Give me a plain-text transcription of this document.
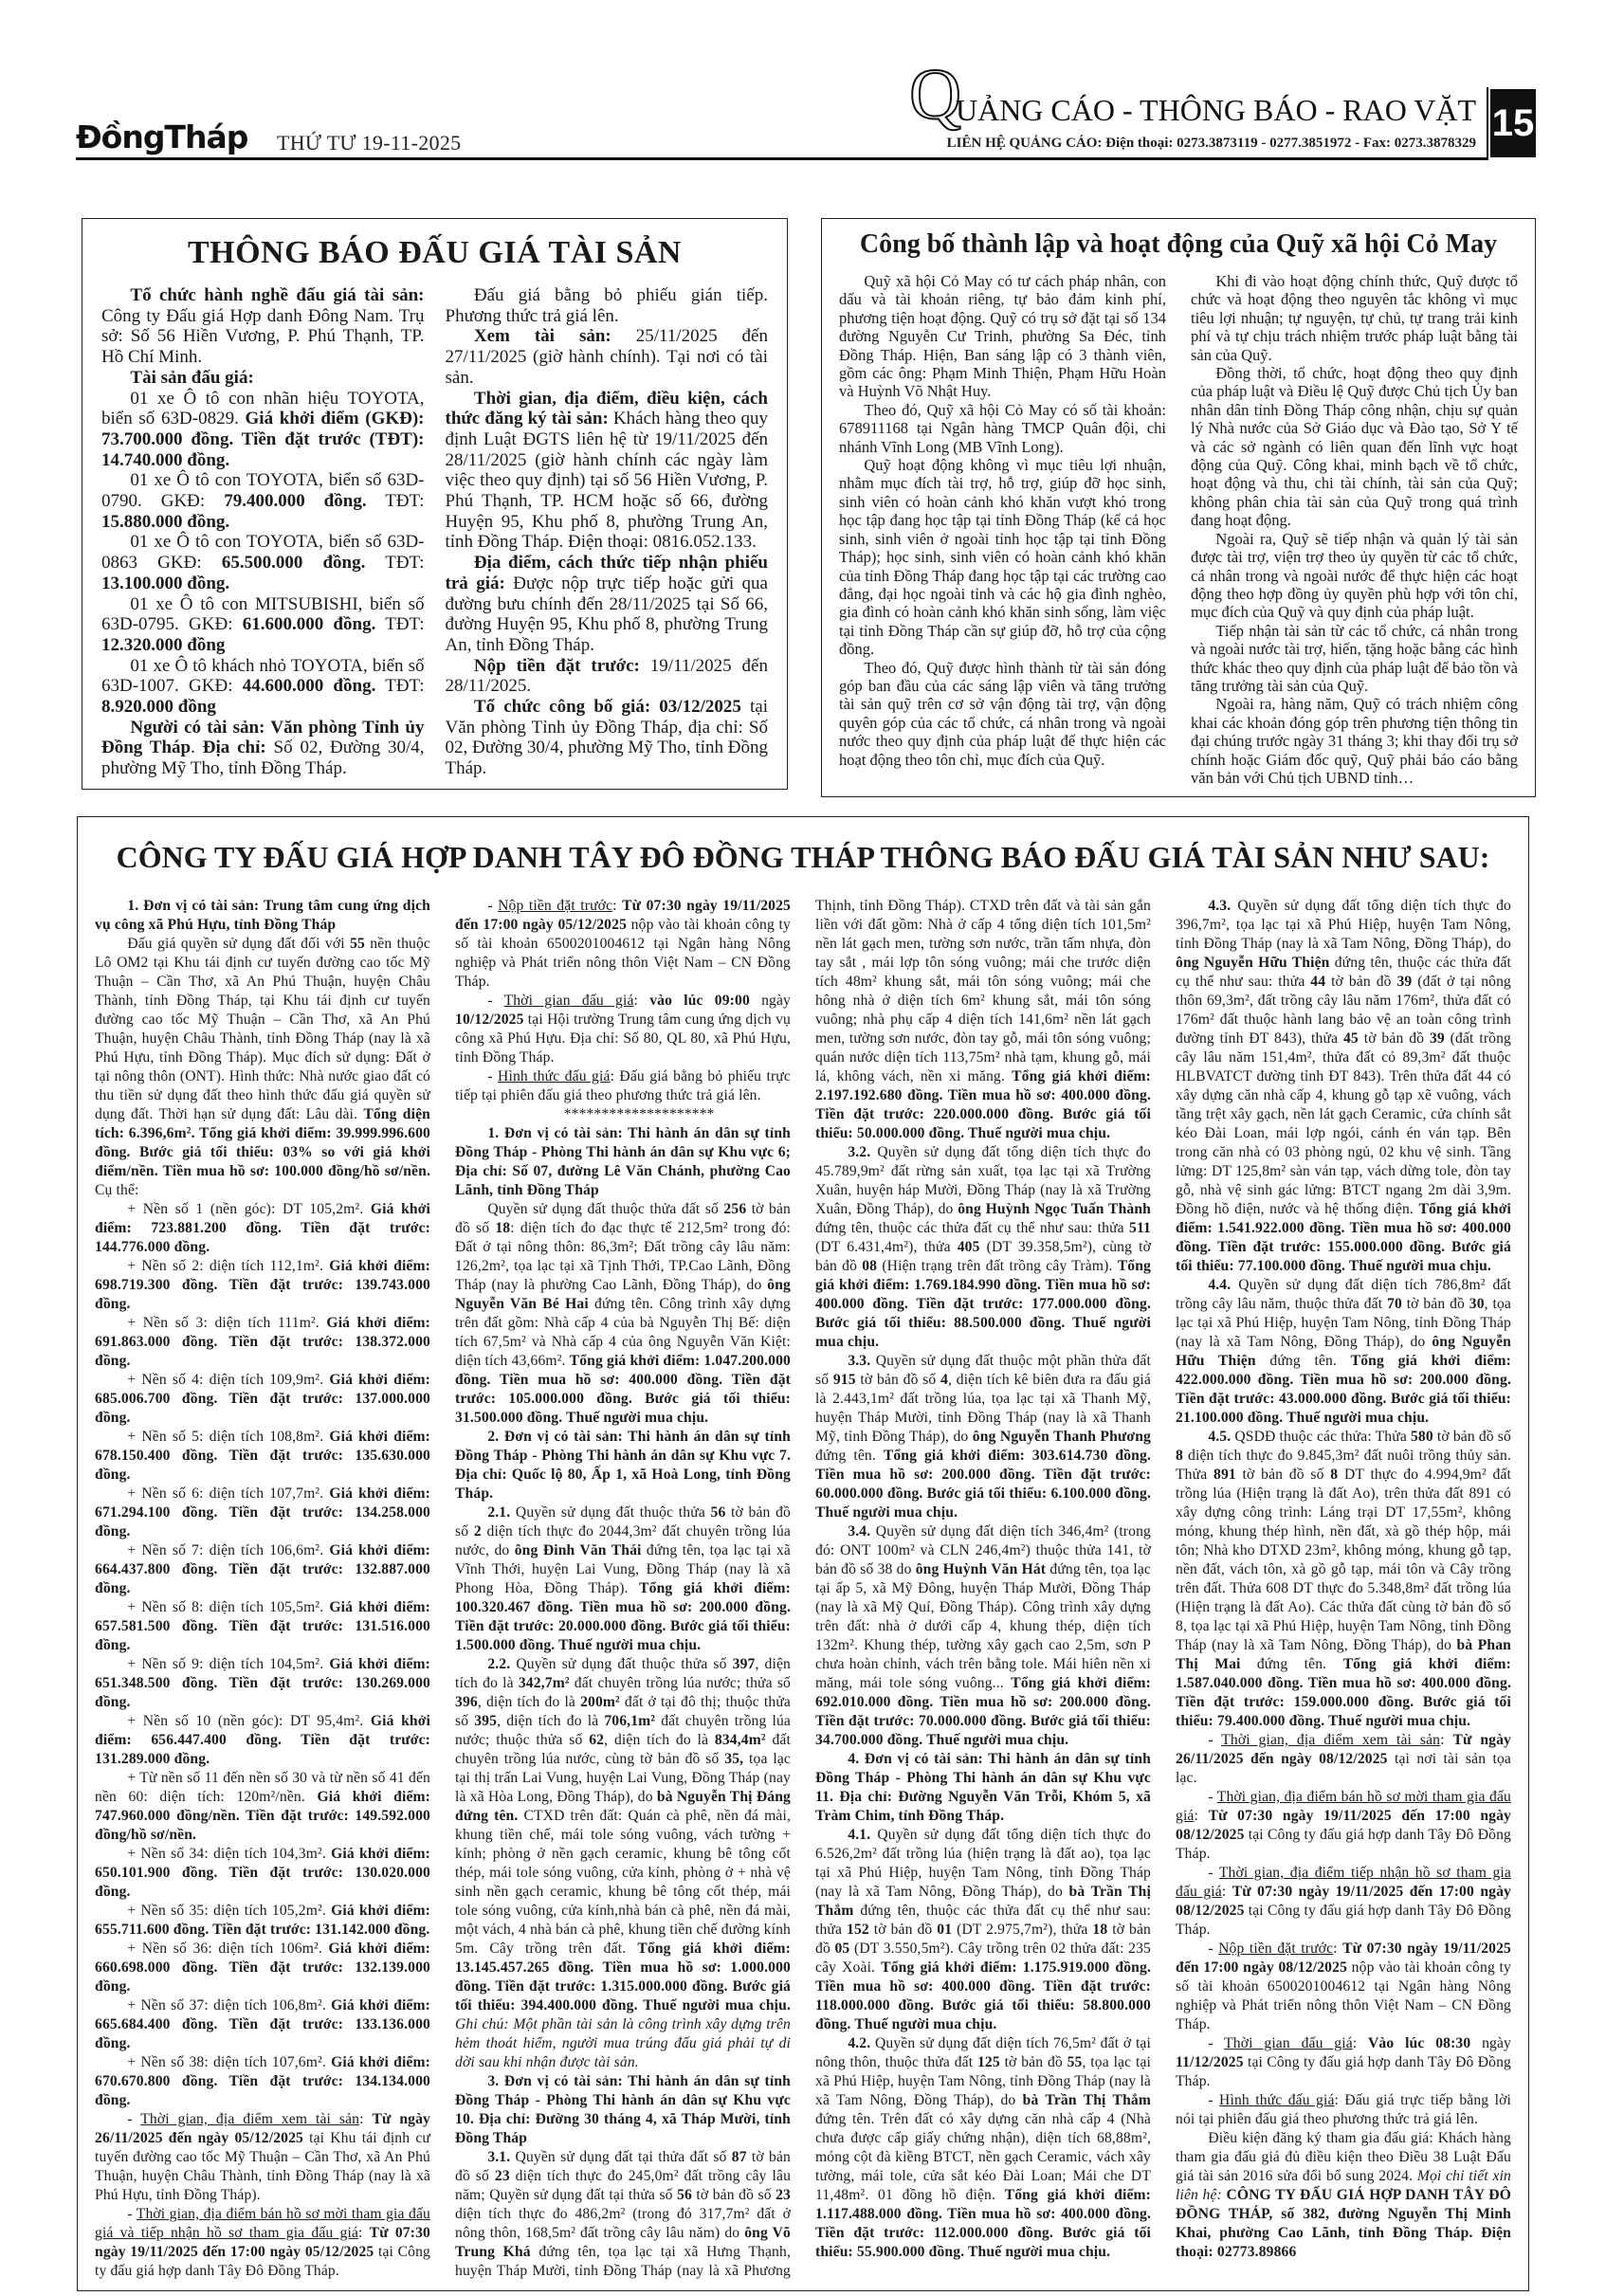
ĐồngTháp THỨ TƯ 19-11-2025
Q
UẢNG CÁO - THÔNG BÁO - RAO VẶT
LIÊN HỆ QUẢNG CÁO: Điện thoại: 0273.3873119 - 0277.3851972 - Fax: 0273.3878329 15
THÔNG BÁO ĐẤU GIÁ TÀI SẢN

Tổ chức hành nghề đấu giá tài sản: Công ty Đấu giá Hợp danh Đông Nam. Trụ sở: Số 56 Hiền Vương, P. Phú Thạnh, TP. Hồ Chí Minh.

Tài sản đấu giá:

01 xe Ô tô con nhãn hiệu TOYOTA, biển số 63D-0829. Giá khởi điểm (GKĐ): 73.700.000 đồng. Tiền đặt trước (TĐT): 14.740.000 đồng.

01 xe Ô tô con TOYOTA, biển số 63D-0790. GKĐ: 79.400.000 đồng. TĐT: 15.880.000 đồng.

01 xe Ô tô con TOYOTA, biển số 63D-0863 GKĐ: 65.500.000 đồng. TĐT: 13.100.000 đồng.

01 xe Ô tô con MITSUBISHI, biển số 63D-0795. GKĐ: 61.600.000 đồng. TĐT: 12.320.000 đồng

01 xe Ô tô khách nhỏ TOYOTA, biển số 63D-1007. GKĐ: 44.600.000 đồng. TĐT: 8.920.000 đồng

Người có tài sản: Văn phòng Tỉnh ủy Đồng Tháp. Địa chỉ: Số 02, Đường 30/4, phường Mỹ Tho, tỉnh Đồng Tháp.

Đấu giá bằng bỏ phiếu gián tiếp. Phương thức trả giá lên.

Xem tài sản: 25/11/2025 đến 27/11/2025 (giờ hành chính). Tại nơi có tài sản.

Thời gian, địa điểm, điều kiện, cách thức đăng ký tài sản: Khách hàng theo quy định Luật ĐGTS liên hệ từ 19/11/2025 đến 28/11/2025 (giờ hành chính các ngày làm việc theo quy định) tại số 56 Hiền Vương, P. Phú Thạnh, TP. HCM hoặc số 66, đường Huyện 95, Khu phố 8, phường Trung An, tỉnh Đồng Tháp. Điện thoại: 0816.052.133.

Địa điểm, cách thức tiếp nhận phiếu trả giá: Được nộp trực tiếp hoặc gửi qua đường bưu chính đến 28/11/2025 tại Số 66, đường Huyện 95, Khu phố 8, phường Trung An, tỉnh Đồng Tháp.

Nộp tiền đặt trước: 19/11/2025 đến 28/11/2025.

Tổ chức công bố giá: 03/12/2025 tại Văn phòng Tỉnh ủy Đồng Tháp, địa chỉ: Số 02, Đường 30/4, phường Mỹ Tho, tỉnh Đồng Tháp.

Công bố thành lập và hoạt động của Quỹ xã hội Cỏ May

Quỹ xã hội Cỏ May có tư cách pháp nhân, con dấu và tài khoản riêng, tự bảo đảm kinh phí, phương tiện hoạt động. Quỹ có trụ sở đặt tại số 134 đường Nguyễn Cư Trinh, phường Sa Đéc, tỉnh Đồng Tháp. Hiện, Ban sáng lập có 3 thành viên, gồm các ông: Phạm Minh Thiện, Phạm Hữu Hoàn và Huỳnh Võ Nhật Huy.

Theo đó, Quỹ xã hội Cỏ May có số tài khoản: 678911168 tại Ngân hàng TMCP Quân đội, chi nhánh Vĩnh Long (MB Vĩnh Long).

Quỹ hoạt động không vì mục tiêu lợi nhuận, nhằm mục đích tài trợ, hỗ trợ, giúp đỡ học sinh, sinh viên có hoàn cảnh khó khăn vượt khó trong học tập đang học tập tại tỉnh Đồng Tháp (kể cả học sinh, sinh viên ở ngoài tỉnh học tập tại tỉnh Đồng Tháp); học sinh, sinh viên có hoàn cảnh khó khăn của tỉnh Đồng Tháp đang học tập tại các trường cao đẳng, đại học ngoài tỉnh và các hộ gia đình nghèo, gia đình có hoàn cảnh khó khăn sinh sống, làm việc tại tỉnh Đồng Tháp cần sự giúp đỡ, hỗ trợ của cộng đồng.

Theo đó, Quỹ được hình thành từ tài sản đóng góp ban đầu của các sáng lập viên và tăng trưởng tài sản quỹ trên cơ sở vận động tài trợ, vận động quyên góp của các tổ chức, cá nhân trong và ngoài nước theo quy định của pháp luật để thực hiện các hoạt động theo tôn chỉ, mục đích của Quỹ.

Khi đi vào hoạt động chính thức, Quỹ được tổ chức và hoạt động theo nguyên tắc không vì mục tiêu lợi nhuận; tự nguyện, tự chủ, tự trang trải kinh phí và tự chịu trách nhiệm trước pháp luật bằng tài sản của Quỹ.

Đồng thời, tổ chức, hoạt động theo quy định của pháp luật và Điều lệ Quỹ được Chủ tịch Ủy ban nhân dân tỉnh Đồng Tháp công nhận, chịu sự quản lý Nhà nước của Sở Giáo dục và Đào tạo, Sở Y tế và các sở ngành có liên quan đến lĩnh vực hoạt động của Quỹ. Công khai, minh bạch về tổ chức, hoạt động và thu, chi tài chính, tài sản của Quỹ; không phân chia tài sản của Quỹ trong quá trình đang hoạt động.

Ngoài ra, Quỹ sẽ tiếp nhận và quản lý tài sản được tài trợ, viện trợ theo ủy quyền từ các tổ chức, cá nhân trong và ngoài nước để thực hiện các hoạt động theo hợp đồng ủy quyền phù hợp với tôn chỉ, mục đích của Quỹ và quy định của pháp luật.

Tiếp nhận tài sản từ các tổ chức, cá nhân trong và ngoài nước tài trợ, hiến, tặng hoặc bằng các hình thức khác theo quy định của pháp luật để bảo tồn và tăng trưởng tài sản của Quỹ.

Ngoài ra, hàng năm, Quỹ có trách nhiệm công khai các khoản đóng góp trên phương tiện thông tin đại chúng trước ngày 31 tháng 3; khi thay đổi trụ sở chính hoặc Giám đốc quỹ, Quỹ phải báo cáo bằng văn bản với Chủ tịch UBND tỉnh…

CÔNG TY ĐẤU GIÁ HỢP DANH TÂY ĐÔ ĐỒNG THÁP THÔNG BÁO ĐẤU GIÁ TÀI SẢN NHƯ SAU:

1. Đơn vị có tài sản: Trung tâm cung ứng dịch vụ công xã Phú Hựu, tỉnh Đồng Tháp

Đấu giá quyền sử dụng đất đối với 55 nền thuộc Lô OM2 tại Khu tái định cư tuyến đường cao tốc Mỹ Thuận – Cần Thơ, xã An Phú Thuận, huyện Châu Thành, tỉnh Đồng Tháp, tại Khu tái định cư tuyến đường cao tốc Mỹ Thuận – Cần Thơ, xã An Phú Thuận, huyện Châu Thành, tỉnh Đồng Tháp (nay là xã Phú Hựu, tỉnh Đồng Tháp). Mục đích sử dụng: Đất ở tại nông thôn (ONT). Hình thức: Nhà nước giao đất có thu tiền sử dụng đất theo hình thức đấu giá quyền sử dụng đất. Thời hạn sử dụng đất: Lâu dài. Tổng diện tích: 6.396,6m². Tổng giá khởi điểm: 39.999.996.600 đồng. Bước giá tối thiểu: 03% so với giá khởi điểm/nền. Tiền mua hồ sơ: 100.000 đồng/hồ sơ/nền. Cụ thể:

+ Nền số 1 (nền góc): DT 105,2m². Giá khởi điểm: 723.881.200 đồng. Tiền đặt trước: 144.776.000 đồng.

+ Nền số 2: diện tích 112,1m². Giá khởi điểm: 698.719.300 đồng. Tiền đặt trước: 139.743.000 đồng.

+ Nền số 3: diện tích 111m². Giá khởi điểm: 691.863.000 đồng. Tiền đặt trước: 138.372.000 đồng.

+ Nền số 4: diện tích 109,9m². Giá khởi điểm: 685.006.700 đồng. Tiền đặt trước: 137.000.000 đồng.

+ Nền số 5: diện tích 108,8m². Giá khởi điểm: 678.150.400 đồng. Tiền đặt trước: 135.630.000 đồng.

+ Nền số 6: diện tích 107,7m². Giá khởi điểm: 671.294.100 đồng. Tiền đặt trước: 134.258.000 đồng.

+ Nền số 7: diện tích 106,6m². Giá khởi điểm: 664.437.800 đồng. Tiền đặt trước: 132.887.000 đồng.

+ Nền số 8: diện tích 105,5m². Giá khởi điểm: 657.581.500 đồng. Tiền đặt trước: 131.516.000 đồng.

+ Nền số 9: diện tích 104,5m². Giá khởi điểm: 651.348.500 đồng. Tiền đặt trước: 130.269.000 đồng.

+ Nền số 10 (nền góc): DT 95,4m². Giá khởi điểm: 656.447.400 đồng. Tiền đặt trước: 131.289.000 đồng.

+ Từ nền số 11 đến nền số 30 và từ nền số 41 đến nền 60: diện tích: 120m²/nền. Giá khởi điểm: 747.960.000 đồng/nền. Tiền đặt trước: 149.592.000 đồng/hồ sơ/nền.

+ Nền số 34: diện tích 104,3m². Giá khởi điểm: 650.101.900 đồng. Tiền đặt trước: 130.020.000 đồng.

+ Nền số 35: diện tích 105,2m². Giá khởi điểm: 655.711.600 đồng. Tiền đặt trước: 131.142.000 đồng.

+ Nền số 36: diện tích 106m². Giá khởi điểm: 660.698.000 đồng. Tiền đặt trước: 132.139.000 đồng.

+ Nền số 37: diện tích 106,8m². Giá khởi điểm: 665.684.400 đồng. Tiền đặt trước: 133.136.000 đồng.

+ Nền số 38: diện tích 107,6m². Giá khởi điểm: 670.670.800 đồng. Tiền đặt trước: 134.134.000 đồng.

- Thời gian, địa điểm xem tài sản: Từ ngày 26/11/2025 đến ngày 05/12/2025 tại Khu tái định cư tuyến đường cao tốc Mỹ Thuận – Cần Thơ, xã An Phú Thuận, huyện Châu Thành, tỉnh Đồng Tháp (nay là xã Phú Hựu, tỉnh Đồng Tháp).

- Thời gian, địa điểm bán hồ sơ mời tham gia đấu giá và tiếp nhận hồ sơ tham gia đấu giá: Từ 07:30 ngày 19/11/2025 đến 17:00 ngày 05/12/2025 tại Công ty đấu giá hợp danh Tây Đô Đồng Tháp.

- Nộp tiền đặt trước: Từ 07:30 ngày 19/11/2025 đến 17:00 ngày 05/12/2025 nộp vào tài khoản công ty số tài khoản 6500201004612 tại Ngân hàng Nông nghiệp và Phát triển nông thôn Việt Nam – CN Đồng Tháp.

- Thời gian đấu giá: vào lúc 09:00 ngày 10/12/2025 tại Hội trường Trung tâm cung ứng dịch vụ công xã Phú Hựu. Địa chỉ: Số 80, QL 80, xã Phú Hựu, tỉnh Đồng Tháp.

- Hình thức đấu giá: Đấu giá bằng bỏ phiếu trực tiếp tại phiên đấu giá theo phương thức trả giá lên.

********************

1. Đơn vị có tài sản: Thi hành án dân sự tỉnh Đồng Tháp - Phòng Thi hành án dân sự Khu vực 6; Địa chỉ: Số 07, đường Lê Văn Chánh, phường Cao Lãnh, tỉnh Đồng Tháp

Quyền sử dụng đất thuộc thửa đất số 256 tờ bản đồ số 18: diện tích đo đạc thực tế 212,5m² trong đó: Đất ở tại nông thôn: 86,3m²; Đất trồng cây lâu năm: 126,2m², tọa lạc tại xã Tịnh Thới, TP.Cao Lãnh, Đồng Tháp (nay là phường Cao Lãnh, Đồng Tháp), do ông Nguyễn Văn Bé Hai đứng tên. Công trình xây dựng trên đất gồm: Nhà cấp 4 của bà Nguyễn Thị Bế: diện tích 67,5m² và Nhà cấp 4 của ông Nguyễn Văn Kiệt: diện tích 43,66m². Tổng giá khởi điểm: 1.047.200.000 đồng. Tiền mua hồ sơ: 400.000 đồng. Tiền đặt trước: 105.000.000 đồng. Bước giá tối thiểu: 31.500.000 đồng. Thuế người mua chịu.

2. Đơn vị có tài sản: Thi hành án dân sự tỉnh Đồng Tháp - Phòng Thi hành án dân sự Khu vực 7. Địa chỉ: Quốc lộ 80, Ấp 1, xã Hoà Long, tỉnh Đồng Tháp.

2.1. Quyền sử dụng đất thuộc thửa 56 tờ bản đồ số 2 diện tích thực đo 2044,3m² đất chuyên trồng lúa nước, do ông Đinh Văn Thái đứng tên, tọa lạc tại xã Vĩnh Thới, huyện Lai Vung, Đồng Tháp (nay là xã Phong Hòa, Đồng Tháp). Tổng giá khởi điểm: 100.320.467 đồng. Tiền mua hồ sơ: 200.000 đồng. Tiền đặt trước: 20.000.000 đồng. Bước giá tối thiểu: 1.500.000 đồng. Thuế người mua chịu.

2.2. Quyền sử dụng đất thuộc thửa số 397, diện tích đo là 342,7m² đất chuyên trồng lúa nước; thửa số 396, diện tích đo là 200m² đất ở tại đô thị; thuộc thửa số 395, diện tích đo là 706,1m² đất chuyên trồng lúa nước; thuộc thửa số 62, diện tích đo là 834,4m² đất chuyên trồng lúa nước, cùng tờ bản đồ số 35, tọa lạc tại thị trấn Lai Vung, huyện Lai Vung, Đồng Tháp (nay là xã Hòa Long, Đồng Tháp), do bà Nguyễn Thị Đáng đứng tên. CTXD trên đất: Quán cà phê, nền đá mài, khung tiền chế, mái tole sóng vuông, vách tường + kính; phòng ở nền gạch ceramic, khung bê tông cốt thép, mái tole sóng vuông, cửa kính, phòng ở + nhà vệ sinh nền gạch ceramic, khung bê tông cốt thép, mái tole sóng vuông, cửa kính,nhà bán cà phê, nền đá mài, một vách, 4 nhà bán cà phê, khung tiền chế đường kính 5m. Cây trồng trên đất. Tổng giá khởi điểm: 13.145.457.265 đồng. Tiền mua hồ sơ: 1.000.000 đồng. Tiền đặt trước: 1.315.000.000 đồng. Bước giá tối thiểu: 394.400.000 đồng. Thuế người mua chịu. Ghi chú: Một phần tài sản là công trình xây dựng trên hẻm thoát hiểm, người mua trúng đấu giá phải tự di dời sau khi nhận được tài sản.

3. Đơn vị có tài sản: Thi hành án dân sự tỉnh Đồng Tháp - Phòng Thi hành án dân sự Khu vực 10. Địa chỉ: Đường 30 tháng 4, xã Tháp Mười, tỉnh Đồng Tháp

3.1. Quyền sử dụng đất tại thửa đất số 87 tờ bản đồ số 23 diện tích thực đo 245,0m² đất trồng cây lâu năm; Quyền sử dụng đất tại thửa số 56 tờ bản đồ số 23 diện tích thực đo 486,2m² (trong đó 317,7m² đất ở nông thôn, 168,5m² đất trồng cây lâu năm) do ông Võ Trung Khá đứng tên, tọa lạc tại xã Hưng Thạnh, huyện Tháp Mười, tỉnh Đồng Tháp (nay là xã Phương Thịnh, tỉnh Đồng Tháp). CTXD trên đất và tài sản gắn liền với đất gồm: Nhà ở cấp 4 tổng diện tích 101,5m² nền lát gạch men, tường sơn nước, trần tấm nhựa, đòn tay sắt , mái lợp tôn sóng vuông; mái che trước diện tích 48m² khung sắt, mái tôn sóng vuông; mái che hông nhà ở diện tích 6m² khung sắt, mái tôn sóng vuông; nhà phụ cấp 4 diện tích 141,6m² nền lát gạch men, tường sơn nước, đòn tay gỗ, mái tôn sóng vuông; quán nước diện tích 113,75m² nhà tạm, khung gỗ, mái lá, không vách, nền xi măng. Tổng giá khởi điểm: 2.197.192.680 đồng. Tiền mua hồ sơ: 400.000 đồng. Tiền đặt trước: 220.000.000 đồng. Bước giá tối thiểu: 50.000.000 đồng. Thuế người mua chịu.

3.2. Quyền sử dụng đất tổng diện tích thực đo 45.789,9m² đất rừng sản xuất, tọa lạc tại xã Trường Xuân, huyện háp Mười, Đồng Tháp (nay là xã Trường Xuân, Đồng Tháp), do ông Huỳnh Ngọc Tuấn Thành đứng tên, thuộc các thửa đất cụ thể như sau: thửa 511 (DT 6.431,4m²), thửa 405 (DT 39.358,5m²), cùng tờ bản đồ 08 (Hiện trạng trên đất trồng cây Tràm). Tổng giá khởi điểm: 1.769.184.990 đồng. Tiền mua hồ sơ: 400.000 đồng. Tiền đặt trước: 177.000.000 đồng. Bước giá tối thiểu: 88.500.000 đồng. Thuế người mua chịu.

3.3. Quyền sử dụng đất thuộc một phần thửa đất số 915 tờ bản đồ số 4, diện tích kê biên đưa ra đấu giá là 2.443,1m² đất trồng lúa, tọa lạc tại xã Thanh Mỹ, huyện Tháp Mười, tỉnh Đồng Tháp (nay là xã Thanh Mỹ, tỉnh Đồng Tháp), do ông Nguyễn Thanh Phương đứng tên. Tổng giá khởi điểm: 303.614.730 đồng. Tiền mua hồ sơ: 200.000 đồng. Tiền đặt trước: 60.000.000 đồng. Bước giá tối thiểu: 6.100.000 đồng. Thuế người mua chịu.

3.4. Quyền sử dụng đất diện tích 346,4m² (trong đó: ONT 100m² và CLN 246,4m²) thuộc thửa 141, tờ bản đồ số 38 do ông Huỳnh Văn Hát đứng tên, tọa lạc tại ấp 5, xã Mỹ Đông, huyện Tháp Mười, Đồng Tháp (nay là xã Mỹ Quí, Đồng Tháp). Công trình xây dựng trên đất: nhà ở dưới cấp 4, khung thép, diện tích 132m². Khung thép, tường xây gạch cao 2,5m, sơn P chưa hoàn chỉnh, vách trên bằng tole. Mái hiên nền xi măng, mái tole sóng vuông... Tổng giá khởi điểm: 692.010.000 đồng. Tiền mua hồ sơ: 200.000 đồng. Tiền đặt trước: 70.000.000 đồng. Bước giá tối thiểu: 34.700.000 đồng. Thuế người mua chịu.

4. Đơn vị có tài sản: Thi hành án dân sự tỉnh Đồng Tháp - Phòng Thi hành án dân sự Khu vực 11. Địa chỉ: Đường Nguyễn Văn Trỗi, Khóm 5, xã Tràm Chim, tỉnh Đồng Tháp.

4.1. Quyền sử dụng đất tổng diện tích thực đo 6.526,2m² đất trồng lúa (hiện trạng là đất ao), tọa lạc tại xã Phú Hiệp, huyện Tam Nông, tỉnh Đồng Tháp (nay là xã Tam Nông, Đồng Tháp), do bà Trần Thị Thắm đứng tên, thuộc các thửa đất cụ thể như sau: thửa 152 tờ bản đồ 01 (DT 2.975,7m²), thửa 18 tờ bản đồ 05 (DT 3.550,5m²). Cây trồng trên 02 thửa đất: 235 cây Xoài. Tổng giá khởi điểm: 1.175.919.000 đồng. Tiền mua hồ sơ: 400.000 đồng. Tiền đặt trước: 118.000.000 đồng. Bước giá tối thiểu: 58.800.000 đồng. Thuế người mua chịu.

4.2. Quyền sử dụng đất diện tích 76,5m² đất ở tại nông thôn, thuộc thửa đất 125 tờ bản đồ 55, tọa lạc tại xã Phú Hiệp, huyện Tam Nông, tỉnh Đồng Tháp (nay là xã Tam Nông, Đồng Tháp), do bà Trần Thị Thắm đứng tên. Trên đất có xây dựng căn nhà cấp 4 (Nhà chưa được cấp giấy chứng nhận), diện tích 68,88m², móng cột đà kiềng BTCT, nền gạch Ceramic, vách xây tường, mái tole, cửa sắt kéo Đài Loan; Mái che DT 11,48m². 01 đồng hồ điện. Tổng giá khởi điểm: 1.117.488.000 đồng. Tiền mua hồ sơ: 400.000 đồng. Tiền đặt trước: 112.000.000 đồng. Bước giá tối thiểu: 55.900.000 đồng. Thuế người mua chịu.

4.3. Quyền sử dụng đất tổng diện tích thực đo 396,7m², tọa lạc tại xã Phú Hiệp, huyện Tam Nông, tỉnh Đồng Tháp (nay là xã Tam Nông, Đồng Tháp), do ông Nguyễn Hữu Thiện đứng tên, thuộc các thửa đất cụ thể như sau: thửa 44 tờ bản đồ 39 (đất ở tại nông thôn 69,3m², đất trồng cây lâu năm 176m², thửa đất có 176m² đất thuộc hành lang bảo vệ an toàn công trình đường tỉnh ĐT 843), thửa 45 tờ bản đồ 39 (đất trồng cây lâu năm 151,4m², thửa đất có 89,3m² đất thuộc HLBVATCT đường tỉnh ĐT 843). Trên thửa đất 44 có xây dựng căn nhà cấp 4, khung gỗ tạp xẽ vuông, vách tầng trệt xây gạch, nền lát gạch Ceramic, cửa chính sắt kéo Đài Loan, mái lợp ngói, cánh én ván tạp. Bên trong căn nhà có 03 phòng ngủ, 02 khu vệ sinh. Tầng lửng: DT 125,8m² sàn ván tạp, vách dừng tole, đòn tay gỗ, nhà vệ sinh gác lửng: BTCT ngang 2m dài 3,9m. Đồng hồ điện, nước và hệ thống điện. Tổng giá khởi điểm: 1.541.922.000 đồng. Tiền mua hồ sơ: 400.000 đồng. Tiền đặt trước: 155.000.000 đồng. Bước giá tối thiểu: 77.100.000 đồng. Thuế người mua chịu.

4.4. Quyền sử dụng đất diện tích 786,8m² đất trồng cây lâu năm, thuộc thửa đất 70 tờ bản đồ 30, tọa lạc tại xã Phú Hiệp, huyện Tam Nông, tỉnh Đồng Tháp (nay là xã Tam Nông, Đồng Tháp), do ông Nguyễn Hữu Thiện đứng tên. Tổng giá khởi điểm: 422.000.000 đồng. Tiền mua hồ sơ: 200.000 đồng. Tiền đặt trước: 43.000.000 đồng. Bước giá tối thiểu: 21.100.000 đồng. Thuế người mua chịu.

4.5. QSDĐ thuộc các thửa: Thửa 580 tờ bản đồ số 8 diện tích thực đo 9.845,3m² đất nuôi trồng thủy sản. Thửa 891 tờ bản đồ số 8 DT thực đo 4.994,9m² đất trồng lúa (Hiện trạng là đất Ao), trên thửa đất 891 có xây dựng công trình: Láng trại DT 17,55m², không móng, khung thép hình, nền đất, xà gồ thép hộp, mái tôn; Nhà kho DTXD 23m², không móng, khung gỗ tạp, nền đất, vách tôn, xà gồ gỗ tạp, mái tôn và Cây trồng trên đất. Thửa 608 DT thực đo 5.348,8m² đất trồng lúa (Hiện trạng là đất Ao). Các thửa đất cùng tờ bản đồ số 8, tọa lạc tại xã Phú Hiệp, huyện Tam Nông, tỉnh Đồng Tháp (nay là xã Tam Nông, Đồng Tháp), do bà Phan Thị Mai đứng tên. Tổng giá khởi điểm: 1.587.040.000 đồng. Tiền mua hồ sơ: 400.000 đồng. Tiền đặt trước: 159.000.000 đồng. Bước giá tối thiểu: 79.400.000 đồng. Thuế người mua chịu.

- Thời gian, địa điểm xem tài sản: Từ ngày 26/11/2025 đến ngày 08/12/2025 tại nơi tài sản tọa lạc.

- Thời gian, địa điểm bán hồ sơ mời tham gia đấu giá: Từ 07:30 ngày 19/11/2025 đến 17:00 ngày 08/12/2025 tại Công ty đấu giá hợp danh Tây Đô Đồng Tháp.

- Thời gian, địa điểm tiếp nhận hồ sơ tham gia đấu giá: Từ 07:30 ngày 19/11/2025 đến 17:00 ngày 08/12/2025 tại Công ty đấu giá hợp danh Tây Đô Đồng Tháp.

- Nộp tiền đặt trước: Từ 07:30 ngày 19/11/2025 đến 17:00 ngày 08/12/2025 nộp vào tài khoản công ty số tài khoản 6500201004612 tại Ngân hàng Nông nghiệp và Phát triển nông thôn Việt Nam – CN Đồng Tháp.

- Thời gian đấu giá: Vào lúc 08:30 ngày 11/12/2025 tại Công ty đấu giá hợp danh Tây Đô Đồng Tháp.

- Hình thức đấu giá: Đấu giá trực tiếp bằng lời nói tại phiên đấu giá theo phương thức trả giá lên.

Điều kiện đăng ký tham gia đấu giá: Khách hàng tham gia đấu giá đủ điều kiện theo Điều 38 Luật Đấu giá tài sản 2016 sửa đổi bổ sung 2024. Mọi chi tiết xin liên hệ: CÔNG TY ĐẤU GIÁ HỢP DANH TÂY ĐÔ ĐỒNG THÁP, số 382, đường Nguyễn Thị Minh Khai, phường Cao Lãnh, tỉnh Đồng Tháp. Điện thoại: 02773.89866
